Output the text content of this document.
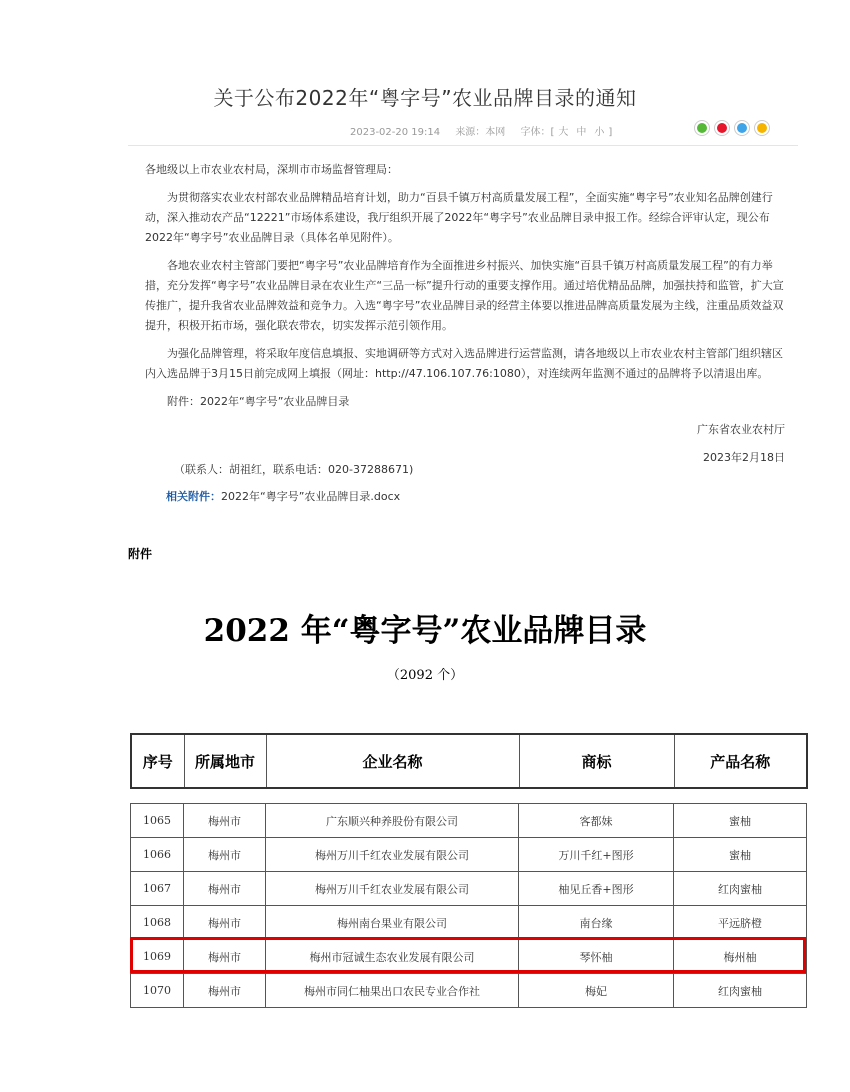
关于公布2022年“粤字号”农业品牌目录的通知
2023-02-20 19:14 来源：本网 字体：[ 大 中 小 ]

各地级以上市农业农村局，深圳市市场监督管理局：

为贯彻落实农业农村部农业品牌精品培育计划，助力“百县千镇万村高质量发展工程”，全面实施“粤字号”农业知名品牌创建行动，深入推动农产品“12221”市场体系建设，我厅组织开展了2022年“粤字号”农业品牌目录申报工作。经综合评审认定，现公布2022年“粤字号”农业品牌目录（具体名单见附件）。

各地农业农村主管部门要把“粤字号”农业品牌培育作为全面推进乡村振兴、加快实施“百县千镇万村高质量发展工程”的有力举措，充分发挥“粤字号”农业品牌目录在农业生产“三品一标”提升行动的重要支撑作用。通过培优精品品牌，加强扶持和监管，扩大宣传推广，提升我省农业品牌效益和竞争力。入选“粤字号”农业品牌目录的经营主体要以推进品牌高质量发展为主线，注重品质效益双提升，积极开拓市场，强化联农带农，切实发挥示范引领作用。

为强化品牌管理，将采取年度信息填报、实地调研等方式对入选品牌进行运营监测，请各地级以上市农业农村主管部门组织辖区内入选品牌于3月15日前完成网上填报（网址：http://47.106.107.76:1080），对连续两年监测不通过的品牌将予以清退出库。

附件：2022年“粤字号”农业品牌目录

广东省农业农村厅

2023年2月18日

（联系人：胡祖红，联系电话：020-37288671)
相关附件：2022年“粤字号”农业品牌目录.docx
附件
2022 年“粤字号”农业品牌目录
（2092 个）
序号	所属地市	企业名称	商标	产品名称
1065	梅州市	广东顺兴种养股份有限公司	客都妹	蜜柚
1066	梅州市	梅州万川千红农业发展有限公司	万川千红+图形	蜜柚
1067	梅州市	梅州万川千红农业发展有限公司	柚见丘香+图形	红肉蜜柚
1068	梅州市	梅州南台果业有限公司	南台缘	平远脐橙
1069	梅州市	梅州市冠诚生态农业发展有限公司	琴怀柚	梅州柚
1070	梅州市	梅州市同仁柚果出口农民专业合作社	梅妃	红肉蜜柚
